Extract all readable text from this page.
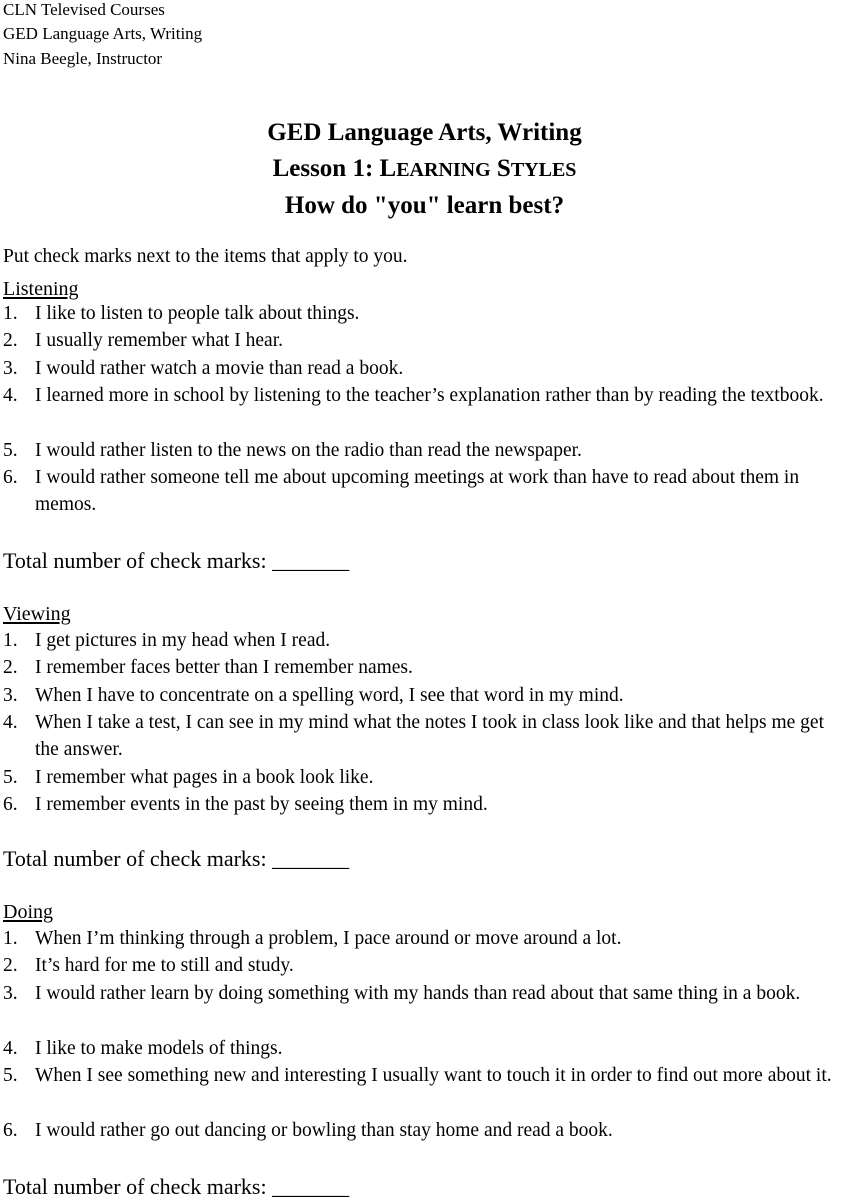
CLN Televised Courses
GED Language Arts, Writing
Nina Beegle, Instructor
GED Language Arts, Writing
Lesson 1: LEARNING STYLES
How do "you" learn best?
Put check marks next to the items that apply to you.
Listening
1. I like to listen to people talk about things.
2. I usually remember what I hear.
3. I would rather watch a movie than read a book.
4. I learned more in school by listening to the teacher’s explanation rather than by reading the textbook.
5. I would rather listen to the news on the radio than read the newspaper.
6. I would rather someone tell me about upcoming meetings at work than have to read about them in memos.
Total number of check marks: _______
Viewing
1. I get pictures in my head when I read.
2. I remember faces better than I remember names.
3. When I have to concentrate on a spelling word, I see that word in my mind.
4. When I take a test, I can see in my mind what the notes I took in class look like and that helps me get the answer.
5. I remember what pages in a book look like.
6. I remember events in the past by seeing them in my mind.
Total number of check marks: _______
Doing
1. When I’m thinking through a problem, I pace around or move around a lot.
2. It’s hard for me to still and study.
3. I would rather learn by doing something with my hands than read about that same thing in a book.
4. I like to make models of things.
5. When I see something new and interesting I usually want to touch it in order to find out more about it.
6. I would rather go out dancing or bowling than stay home and read a book.
Total number of check marks: _______
